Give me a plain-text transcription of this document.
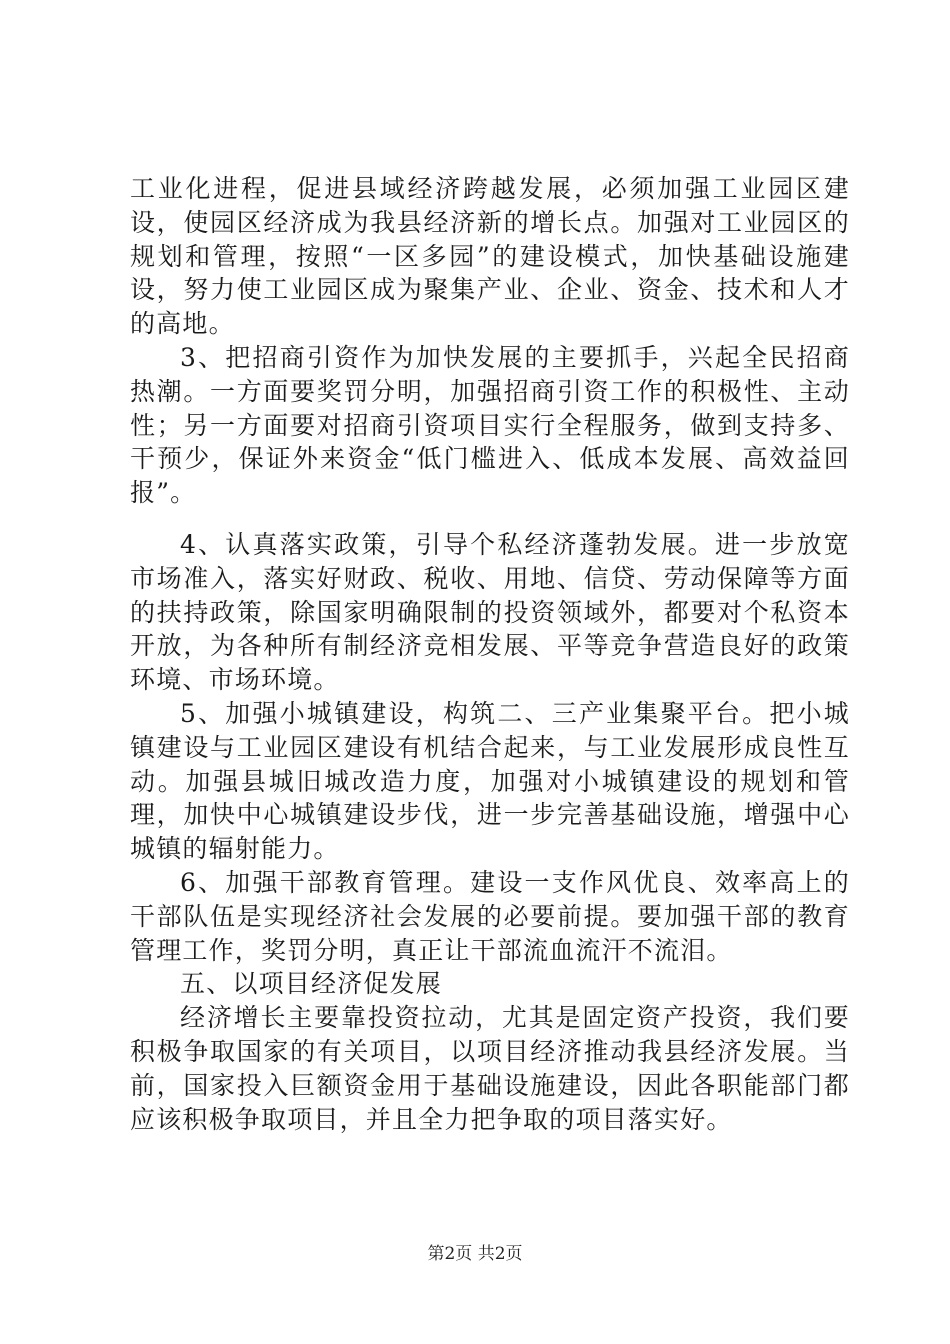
工业化进程，促进县域经济跨越发展，必须加强工业园区建设，使园区经济成为我县经济新的增长点。加强对工业园区的规划和管理，按照“一区多园”的建设模式，加快基础设施建设，努力使工业园区成为聚集产业、企业、资金、技术和人才的高地。

3、把招商引资作为加快发展的主要抓手，兴起全民招商热潮。一方面要奖罚分明，加强招商引资工作的积极性、主动性；另一方面要对招商引资项目实行全程服务，做到支持多、干预少，保证外来资金“低门槛进入、低成本发展、高效益回报”。

4、认真落实政策，引导个私经济蓬勃发展。进一步放宽市场准入，落实好财政、税收、用地、信贷、劳动保障等方面的扶持政策，除国家明确限制的投资领域外，都要对个私资本开放，为各种所有制经济竞相发展、平等竞争营造良好的政策环境、市场环境。

5、加强小城镇建设，构筑二、三产业集聚平台。把小城镇建设与工业园区建设有机结合起来，与工业发展形成良性互动。加强县城旧城改造力度，加强对小城镇建设的规划和管理，加快中心城镇建设步伐，进一步完善基础设施，增强中心城镇的辐射能力。

6、加强干部教育管理。建设一支作风优良、效率高上的干部队伍是实现经济社会发展的必要前提。要加强干部的教育管理工作，奖罚分明，真正让干部流血流汗不流泪。

五、以项目经济促发展

经济增长主要靠投资拉动，尤其是固定资产投资，我们要积极争取国家的有关项目，以项目经济推动我县经济发展。当前，国家投入巨额资金用于基础设施建设，因此各职能部门都应该积极争取项目，并且全力把争取的项目落实好。

第2页 共2页
